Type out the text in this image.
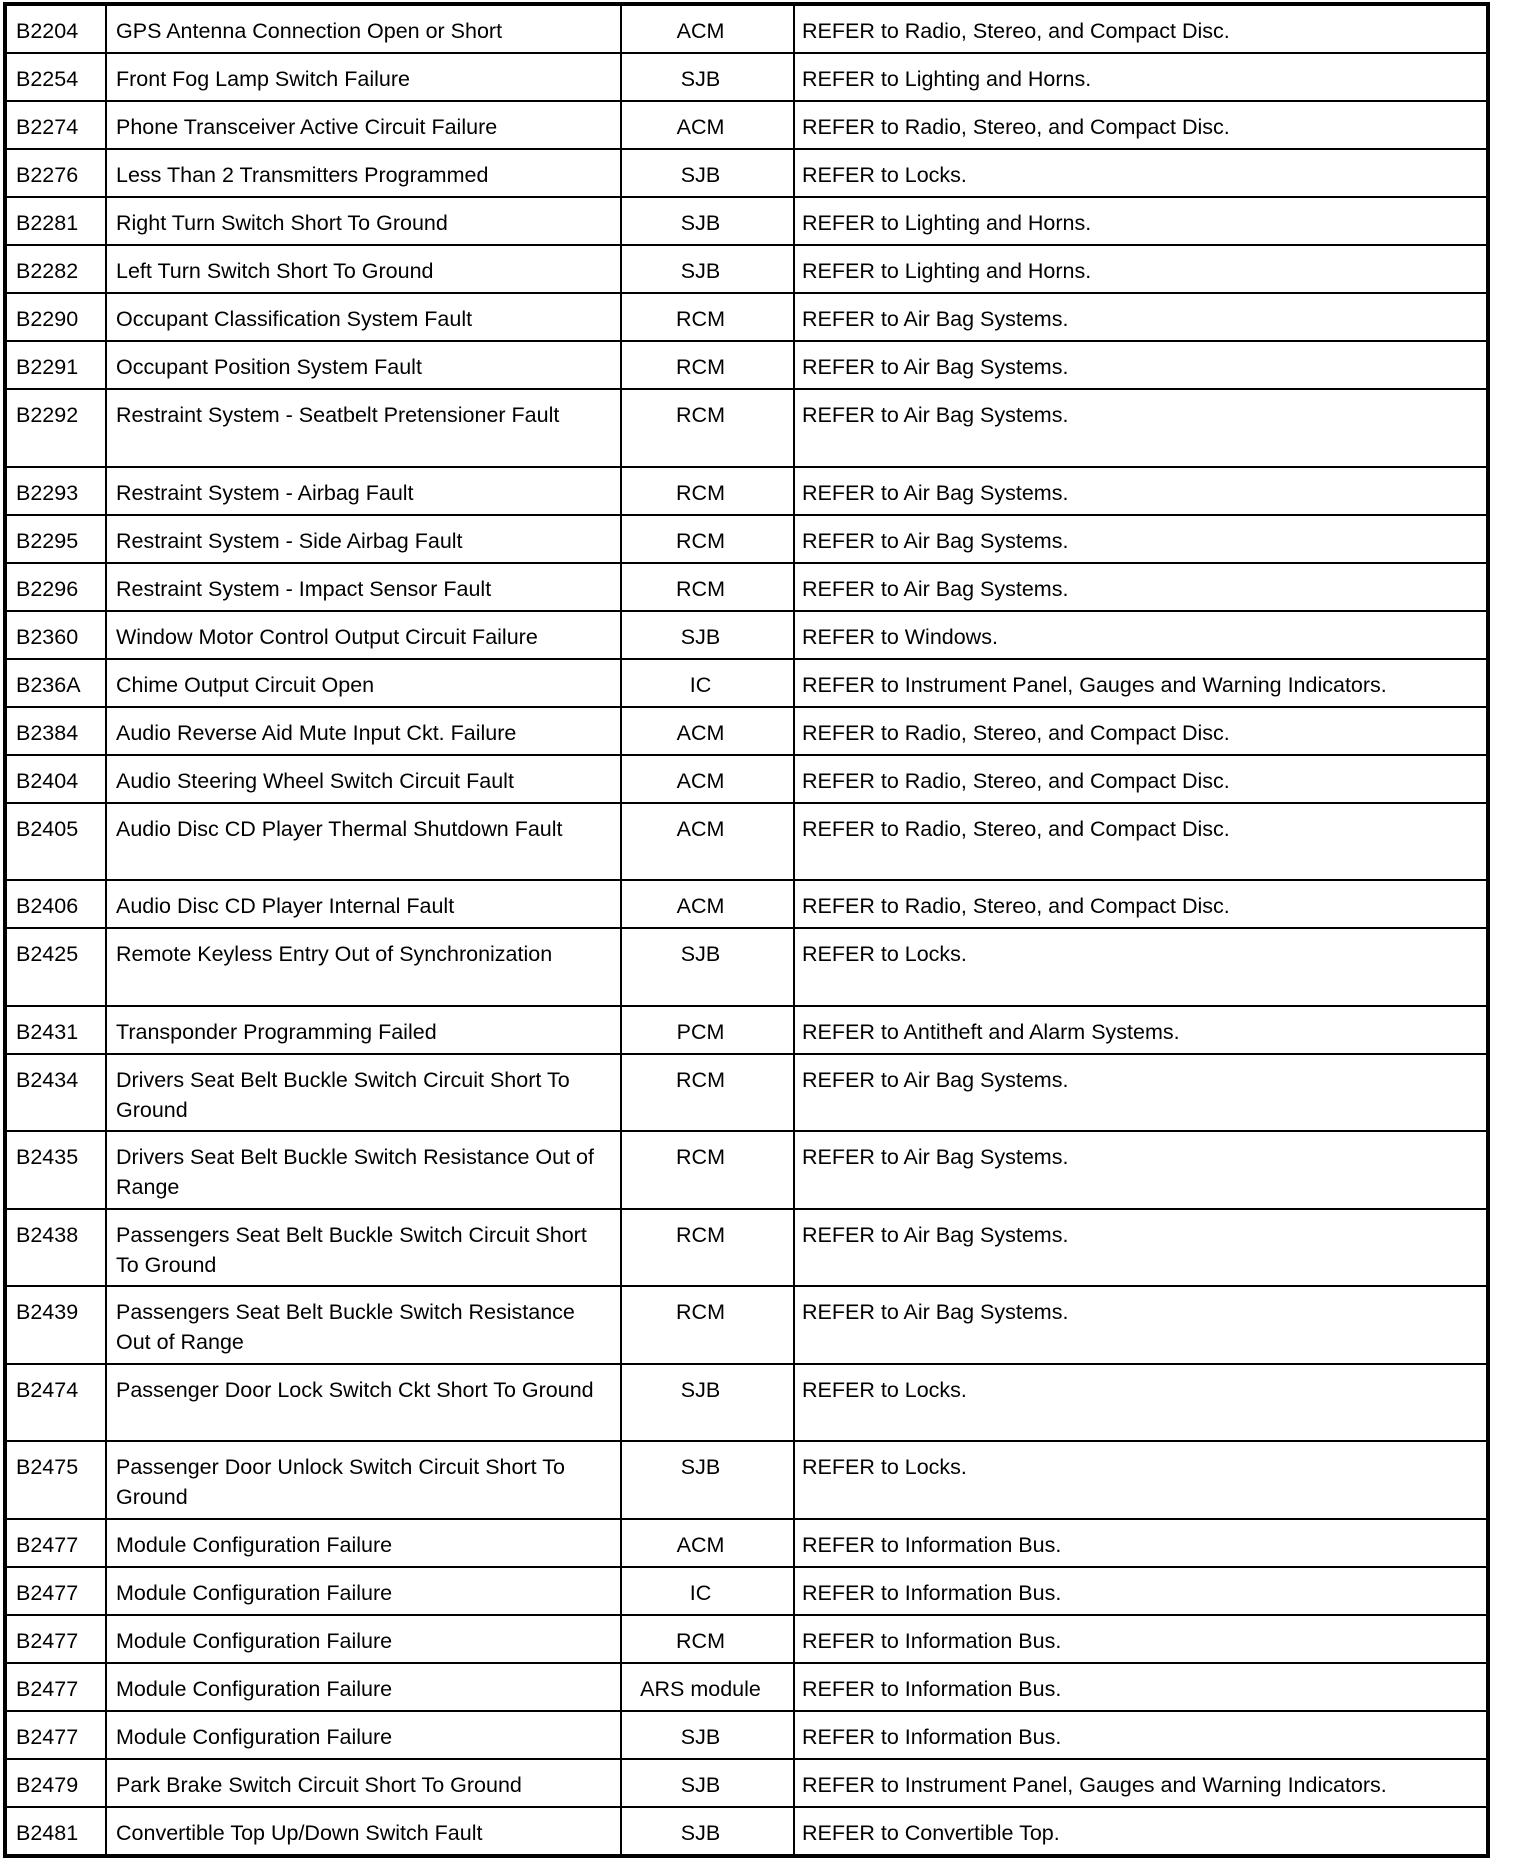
B2204	GPS Antenna Connection Open or Short	ACM	REFER to Radio, Stereo, and Compact Disc.
B2254	Front Fog Lamp Switch Failure	SJB	REFER to Lighting and Horns.
B2274	Phone Transceiver Active Circuit Failure	ACM	REFER to Radio, Stereo, and Compact Disc.
B2276	Less Than 2 Transmitters Programmed	SJB	REFER to Locks.
B2281	Right Turn Switch Short To Ground	SJB	REFER to Lighting and Horns.
B2282	Left Turn Switch Short To Ground	SJB	REFER to Lighting and Horns.
B2290	Occupant Classification System Fault	RCM	REFER to Air Bag Systems.
B2291	Occupant Position System Fault	RCM	REFER to Air Bag Systems.
B2292	Restraint System - Seatbelt Pretensioner Fault	RCM	REFER to Air Bag Systems.
B2293	Restraint System - Airbag Fault	RCM	REFER to Air Bag Systems.
B2295	Restraint System - Side Airbag Fault	RCM	REFER to Air Bag Systems.
B2296	Restraint System - Impact Sensor Fault	RCM	REFER to Air Bag Systems.
B2360	Window Motor Control Output Circuit Failure	SJB	REFER to Windows.
B236A	Chime Output Circuit Open	IC	REFER to Instrument Panel, Gauges and Warning Indicators.
B2384	Audio Reverse Aid Mute Input Ckt. Failure	ACM	REFER to Radio, Stereo, and Compact Disc.
B2404	Audio Steering Wheel Switch Circuit Fault	ACM	REFER to Radio, Stereo, and Compact Disc.
B2405	Audio Disc CD Player Thermal Shutdown Fault	ACM	REFER to Radio, Stereo, and Compact Disc.
B2406	Audio Disc CD Player Internal Fault	ACM	REFER to Radio, Stereo, and Compact Disc.
B2425	Remote Keyless Entry Out of Synchronization	SJB	REFER to Locks.
B2431	Transponder Programming Failed	PCM	REFER to Antitheft and Alarm Systems.
B2434	Drivers Seat Belt Buckle Switch Circuit Short To Ground	RCM	REFER to Air Bag Systems.
B2435	Drivers Seat Belt Buckle Switch Resistance Out of Range	RCM	REFER to Air Bag Systems.
B2438	Passengers Seat Belt Buckle Switch Circuit Short To Ground	RCM	REFER to Air Bag Systems.
B2439	Passengers Seat Belt Buckle Switch Resistance Out of Range	RCM	REFER to Air Bag Systems.
B2474	Passenger Door Lock Switch Ckt Short To Ground	SJB	REFER to Locks.
B2475	Passenger Door Unlock Switch Circuit Short To Ground	SJB	REFER to Locks.
B2477	Module Configuration Failure	ACM	REFER to Information Bus.
B2477	Module Configuration Failure	IC	REFER to Information Bus.
B2477	Module Configuration Failure	RCM	REFER to Information Bus.
B2477	Module Configuration Failure	ARS module	REFER to Information Bus.
B2477	Module Configuration Failure	SJB	REFER to Information Bus.
B2479	Park Brake Switch Circuit Short To Ground	SJB	REFER to Instrument Panel, Gauges and Warning Indicators.
B2481	Convertible Top Up/Down Switch Fault	SJB	REFER to Convertible Top.
